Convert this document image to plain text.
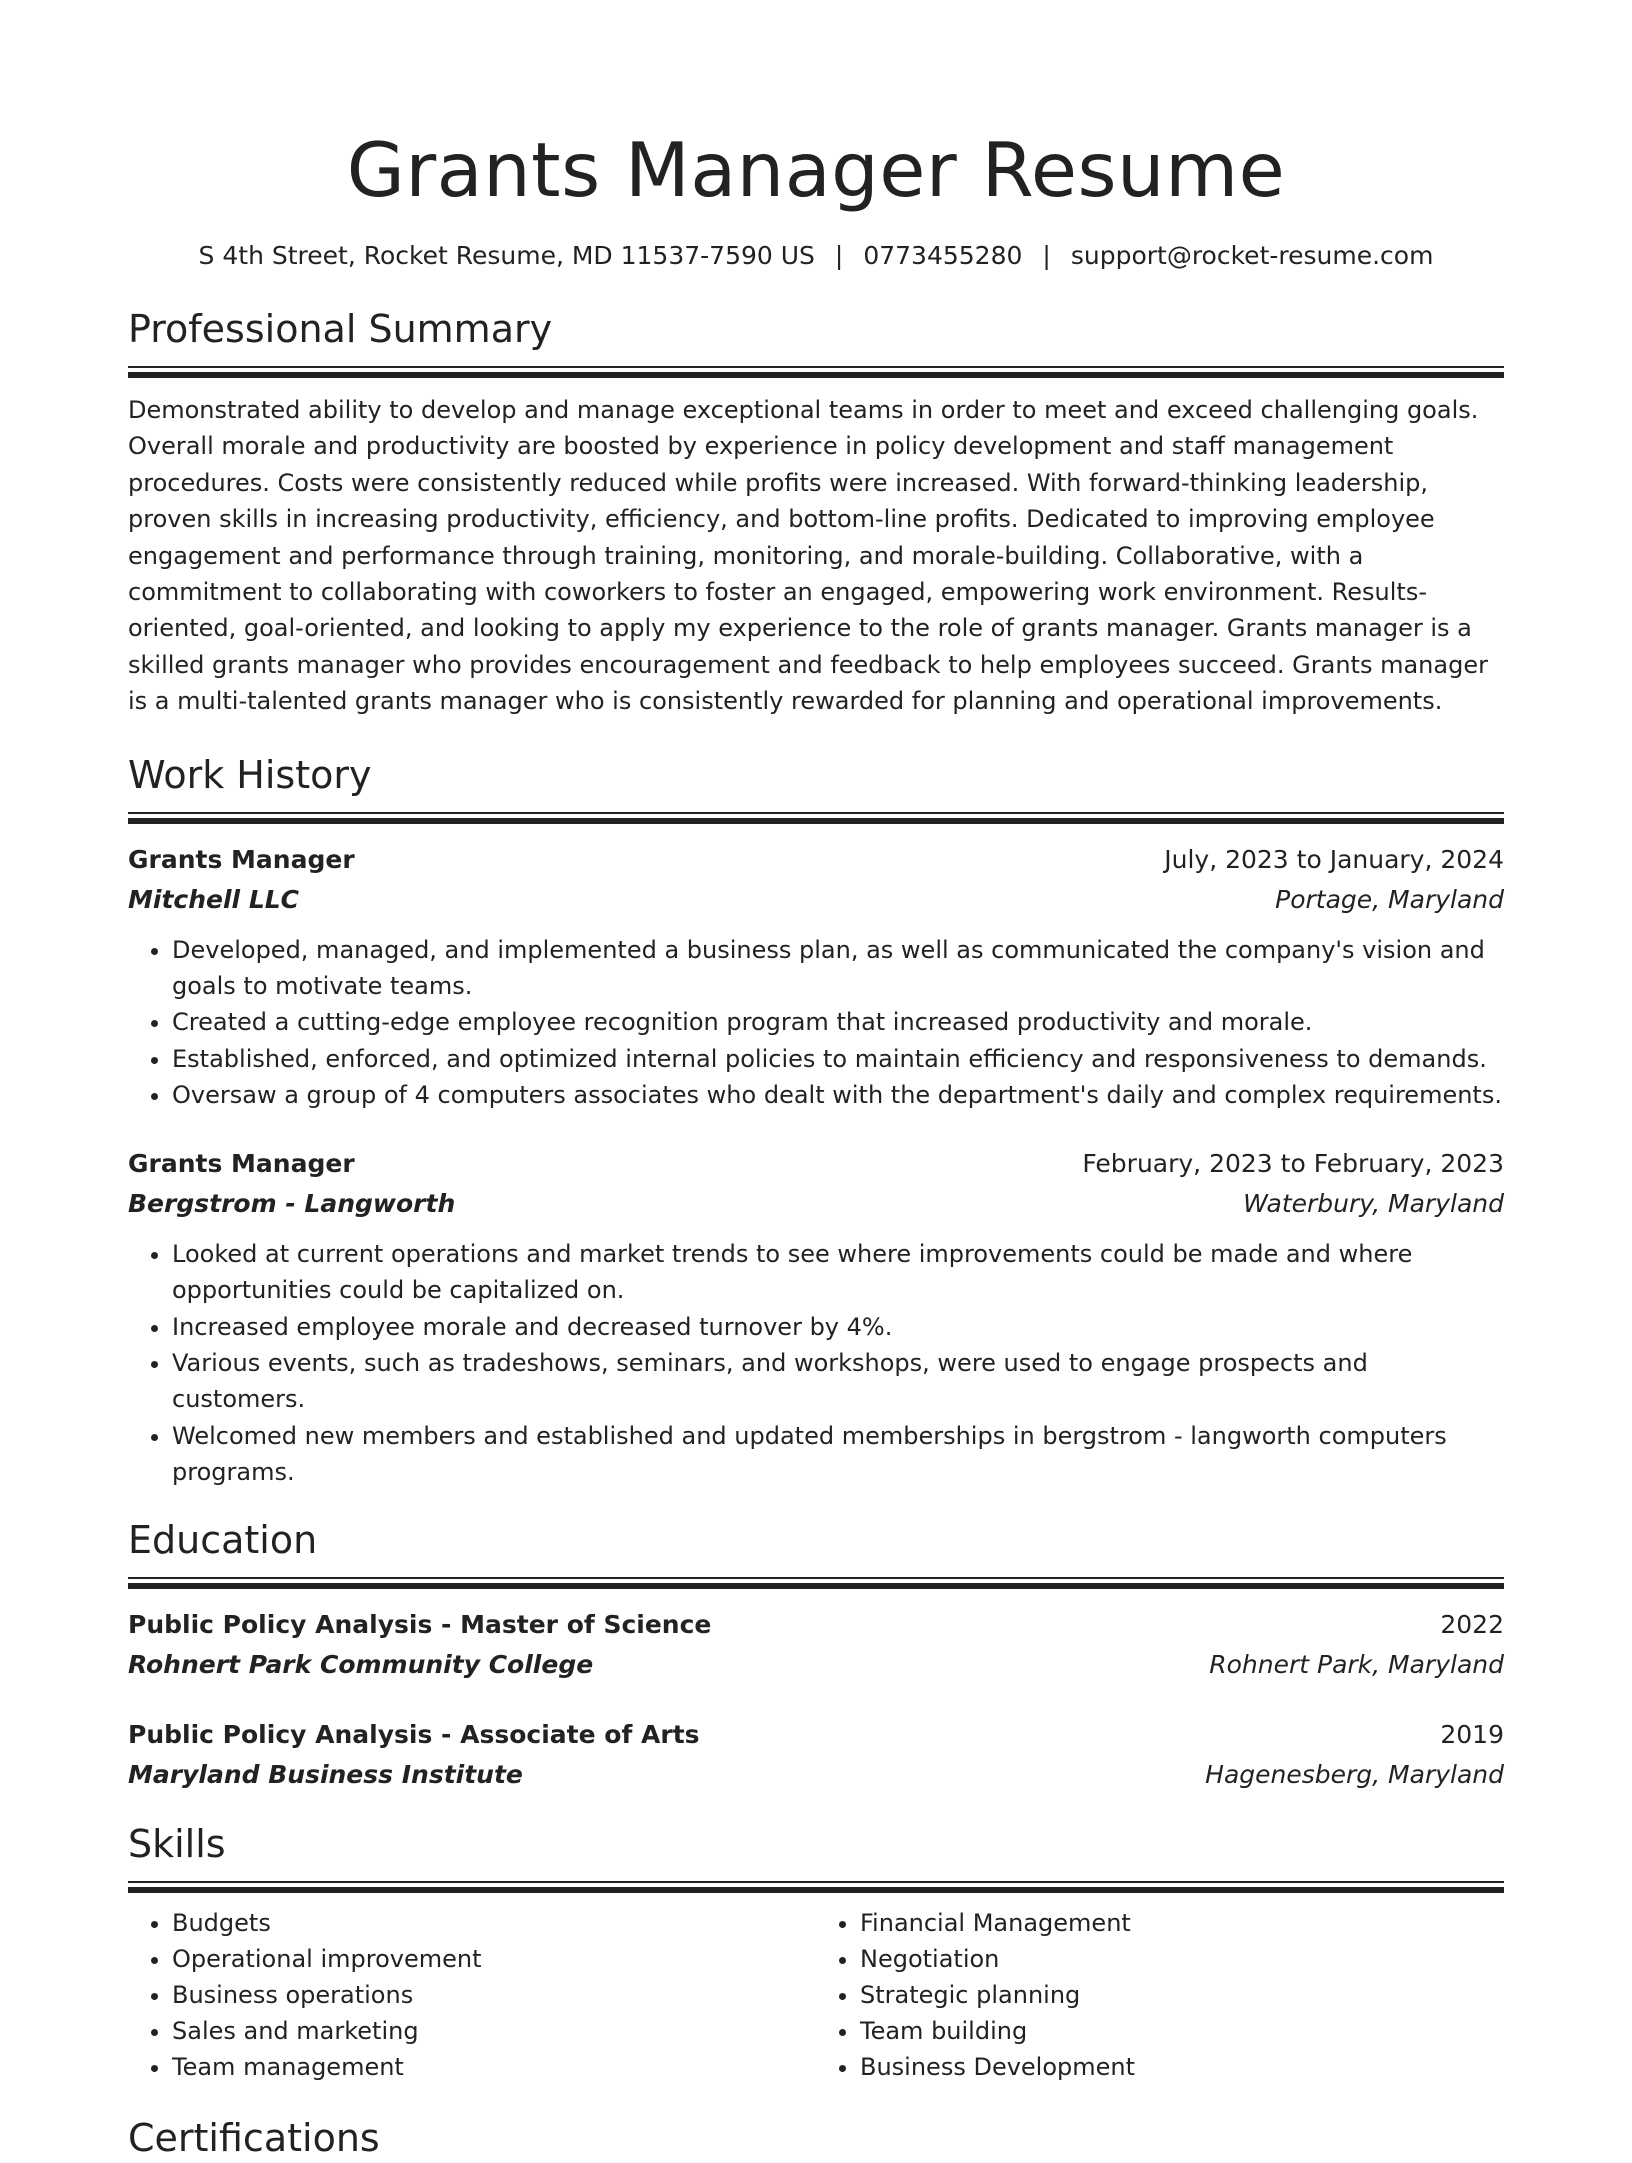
Grants Manager Resume
S 4th Street, Rocket Resume, MD 11537-7590 US | 0773455280 | support@rocket-resume.com
Professional Summary

Demonstrated ability to develop and manage exceptional teams in order to meet and exceed challenging goals. Overall morale and productivity are boosted by experience in policy development and staff management procedures. Costs were consistently reduced while profits were increased. With forward-thinking leadership, proven skills in increasing productivity, efficiency, and bottom-line profits. Dedicated to improving employee engagement and performance through training, monitoring, and morale-building. Collaborative, with a commitment to collaborating with coworkers to foster an engaged, empowering work environment. Results-oriented, goal-oriented, and looking to apply my experience to the role of grants manager. Grants manager is a skilled grants manager who provides encouragement and feedback to help employees succeed. Grants manager is a multi-talented grants manager who is consistently rewarded for planning and operational improvements.

Work History
Grants Manager	July, 2023 to January, 2024
Mitchell LLC	Portage, Maryland
• Developed, managed, and implemented a business plan, as well as communicated the company's vision and goals to motivate teams.
• Created a cutting-edge employee recognition program that increased productivity and morale.
• Established, enforced, and optimized internal policies to maintain efficiency and responsiveness to demands.
• Oversaw a group of 4 computers associates who dealt with the department's daily and complex requirements.
Grants Manager	February, 2023 to February, 2023
Bergstrom - Langworth	Waterbury, Maryland
• Looked at current operations and market trends to see where improvements could be made and where opportunities could be capitalized on.
• Increased employee morale and decreased turnover by 4%.
• Various events, such as tradeshows, seminars, and workshops, were used to engage prospects and customers.
• Welcomed new members and established and updated memberships in bergstrom - langworth computers programs.
Education
Public Policy Analysis - Master of Science	2022
Rohnert Park Community College	Rohnert Park, Maryland
Public Policy Analysis - Associate of Arts	2019
Maryland Business Institute	Hagenesberg, Maryland
Skills
• Budgets
• Operational improvement
• Business operations
• Sales and marketing
• Team management
• Financial Management
• Negotiation
• Strategic planning
• Team building
• Business Development
Certifications
